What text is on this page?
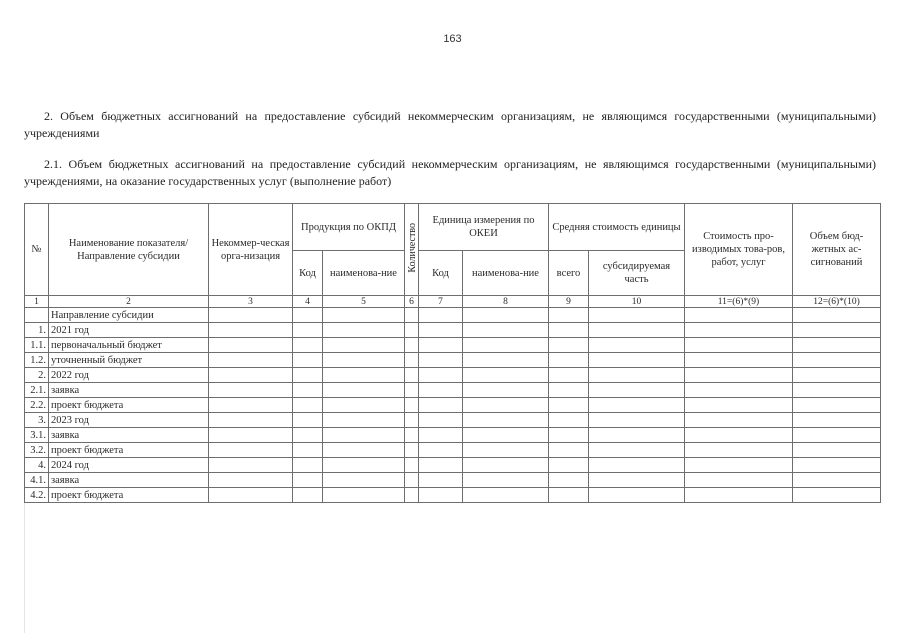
163
2. Объем бюджетных ассигнований на предоставление субсидий некоммерческим организациям, не являющимся государственными (муниципальными) учреждениями
2.1. Объем бюджетных ассигнований на предоставление субсидий некоммерческим организациям, не являющимся государственными (муниципальными) учреждениями, на оказание государственных услуг (выполнение работ)
№	Наименование показателя/ Направление субсидии	Некоммер-ческая орга-низация	Продукция по ОКПД		Количество	Единица измерения по ОКЕИ		Средняя стоимость единицы		Стоимость про-изводимых това-ров, работ, услуг	Объем бюд-жетных ас-сигнований
			Код	наименова-ние		Код	наименова-ние	всего	субсидируемая часть		
1	2	3	4	5	6	7	8	9	10	11=(6)*(9)	12=(6)*(10)
	Направление субсидии										
1.	2021 год										
1.1.	первоначальный бюджет										
1.2.	уточненный бюджет										
2.	2022 год										
2.1.	заявка										
2.2.	проект бюджета										
3.	2023 год										
3.1.	заявка										
3.2.	проект бюджета										
4.	2024 год										
4.1.	заявка										
4.2.	проект бюджета										
